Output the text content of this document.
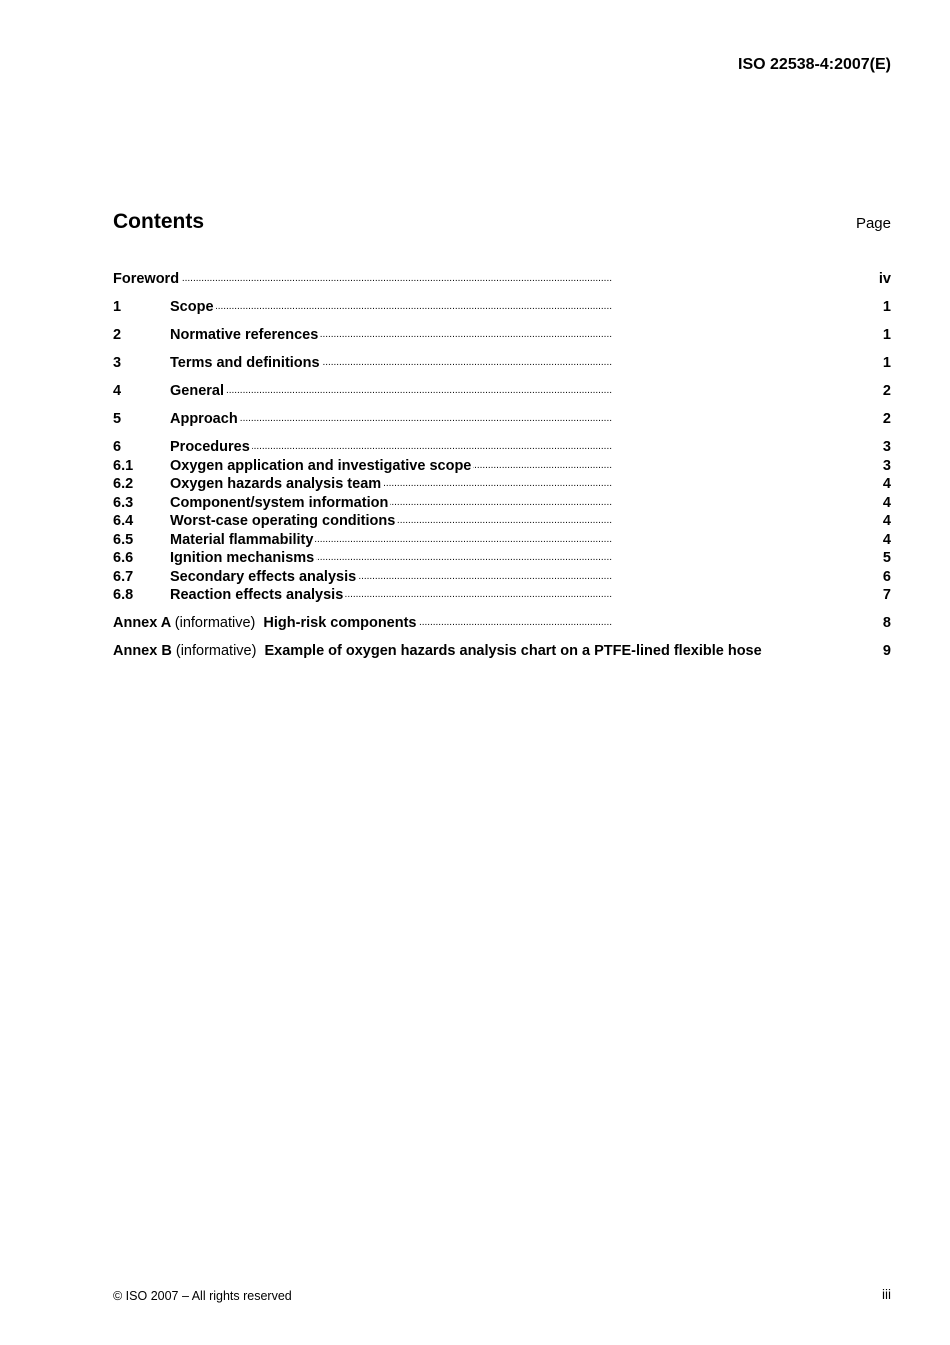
ISO 22538-4:2007(E)
Contents	Page
. . . Foreword	iv
. . . 1	Scope	1
. . . 2	Normative references	1
. . . 3	Terms and definitions	1
. . . 4	General	2
. . . 5	Approach	2
. . . 6	Procedures	3
. . . 6.1	Oxygen application and investigative scope	3
. . . 6.2	Oxygen hazards analysis team	4
. . . 6.3	Component/system information	4
. . . 6.4	Worst-case operating conditions	4
. . . 6.5	Material flammability	4
. . . 6.6	Ignition mechanisms	5
. . . 6.7	Secondary effects analysis	6
. . . 6.8	Reaction effects analysis	7
. . . Annex A (informative) High-risk components	8
. . . Annex B (informative) Example of oxygen hazards analysis chart on a PTFE-lined flexible hose	9
© ISO 2007 – All rights reserved	iii
